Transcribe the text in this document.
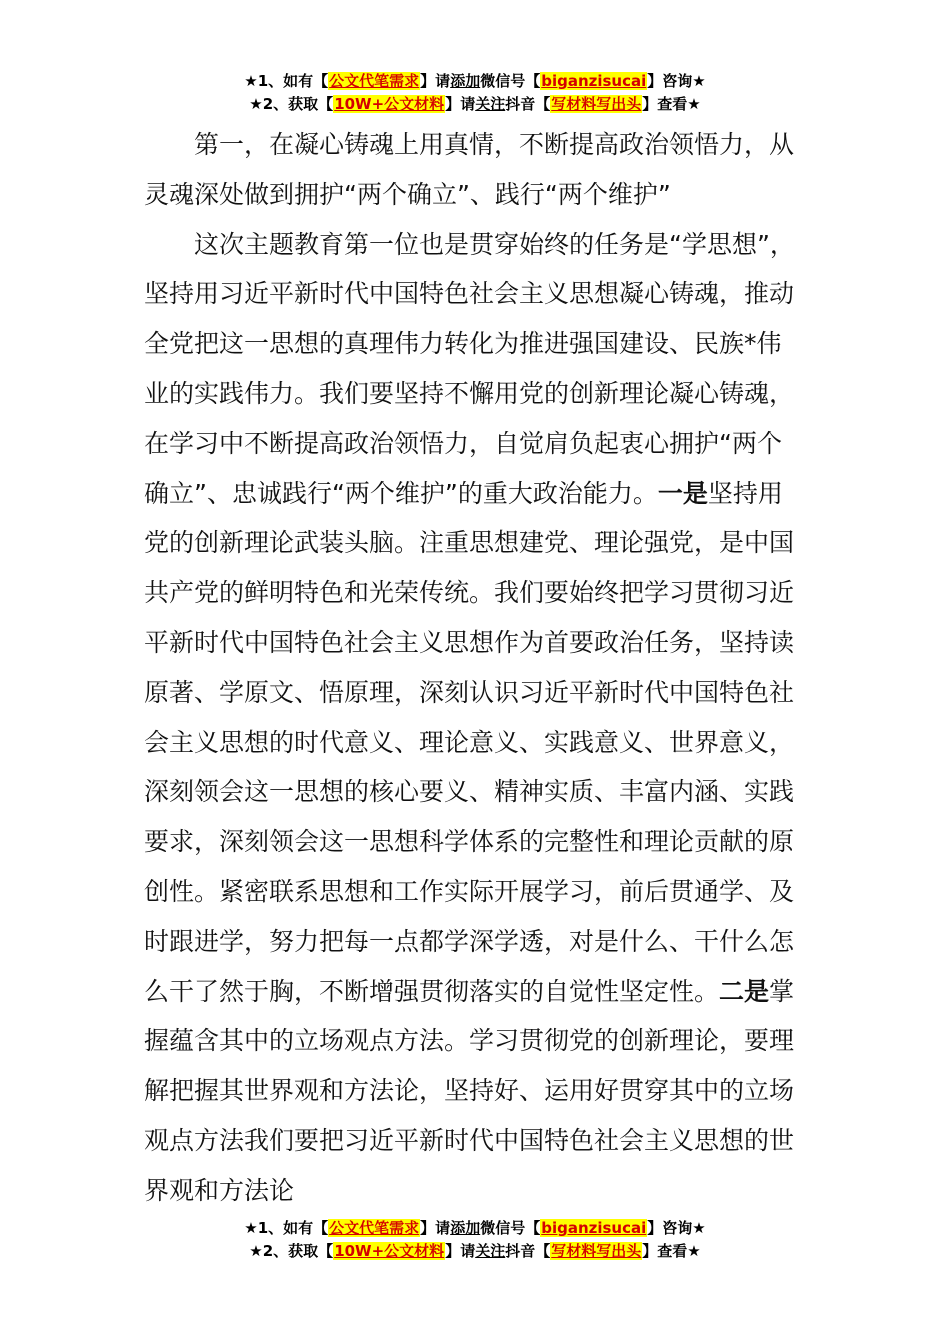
★1、如有【公文代笔需求】请添加微信号【biganzisucai】咨询★
★2、获取【10W+公文材料】请关注抖音【写材料写出头】查看★

第一，在凝心铸魂上用真情，不断提高政治领悟力，从灵魂深处做到拥护“两个确立”、践行“两个维护”

这次主题教育第一位也是贯穿始终的任务是“学思想”，坚持用习近平新时代中国特色社会主义思想凝心铸魂，推动全党把这一思想的真理伟力转化为推进强国建设、民族*伟业的实践伟力。我们要坚持不懈用党的创新理论凝心铸魂，在学习中不断提高政治领悟力，自觉肩负起衷心拥护“两个确立”、忠诚践行“两个维护”的重大政治能力。一是坚持用党的创新理论武装头脑。注重思想建党、理论强党，是中国共产党的鲜明特色和光荣传统。我们要始终把学习贯彻习近平新时代中国特色社会主义思想作为首要政治任务，坚持读原著、学原文、悟原理，深刻认识习近平新时代中国特色社会主义思想的时代意义、理论意义、实践意义、世界意义，深刻领会这一思想的核心要义、精神实质、丰富内涵、实践要求，深刻领会这一思想科学体系的完整性和理论贡献的原创性。紧密联系思想和工作实际开展学习，前后贯通学、及时跟进学，努力把每一点都学深学透，对是什么、干什么怎么干了然于胸，不断增强贯彻落实的自觉性坚定性。二是掌握蕴含其中的立场观点方法。学习贯彻党的创新理论，要理解把握其世界观和方法论，坚持好、运用好贯穿其中的立场观点方法我们要把习近平新时代中国特色社会主义思想的世界观和方法论

★1、如有【公文代笔需求】请添加微信号【biganzisucai】咨询★
★2、获取【10W+公文材料】请关注抖音【写材料写出头】查看★
